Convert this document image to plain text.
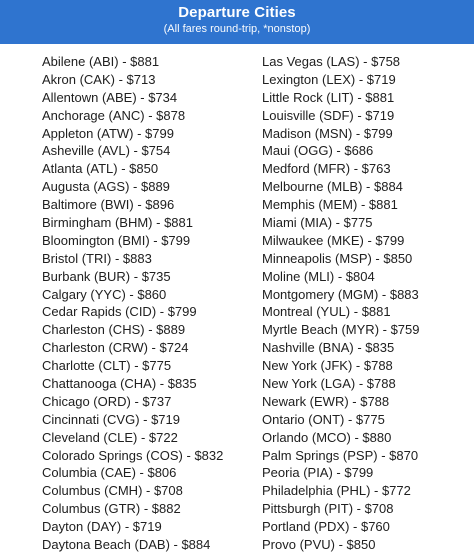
Departure Cities
(All fares round-trip, *nonstop)
Abilene (ABI) - $881
Akron (CAK) - $713
Allentown (ABE) - $734
Anchorage (ANC) - $878
Appleton (ATW) - $799
Asheville (AVL) - $754
Atlanta (ATL) - $850
Augusta (AGS) - $889
Baltimore (BWI) - $896
Birmingham (BHM) - $881
Bloomington (BMI) - $799
Bristol (TRI) - $883
Burbank (BUR) - $735
Calgary (YYC) - $860
Cedar Rapids (CID) - $799
Charleston (CHS) - $889
Charleston (CRW) - $724
Charlotte (CLT) - $775
Chattanooga (CHA) - $835
Chicago (ORD) - $737
Cincinnati (CVG) - $719
Cleveland (CLE) - $722
Colorado Springs (COS) - $832
Columbia (CAE) - $806
Columbus (CMH) - $708
Columbus (GTR) - $882
Dayton (DAY) - $719
Daytona Beach (DAB) - $884
Las Vegas (LAS) - $758
Lexington (LEX) - $719
Little Rock (LIT) - $881
Louisville (SDF) - $719
Madison (MSN) - $799
Maui (OGG) - $686
Medford (MFR) - $763
Melbourne (MLB) - $884
Memphis (MEM) - $881
Miami (MIA) - $775
Milwaukee (MKE) - $799
Minneapolis (MSP) - $850
Moline (MLI) - $804
Montgomery (MGM) - $883
Montreal (YUL) - $881
Myrtle Beach (MYR) - $759
Nashville (BNA) - $835
New York (JFK) - $788
New York (LGA) - $788
Newark (EWR) - $788
Ontario (ONT) - $775
Orlando (MCO) - $880
Palm Springs (PSP) - $870
Peoria (PIA) - $799
Philadelphia (PHL) - $772
Pittsburgh (PIT) - $708
Portland (PDX) - $760
Provo (PVU) - $850
